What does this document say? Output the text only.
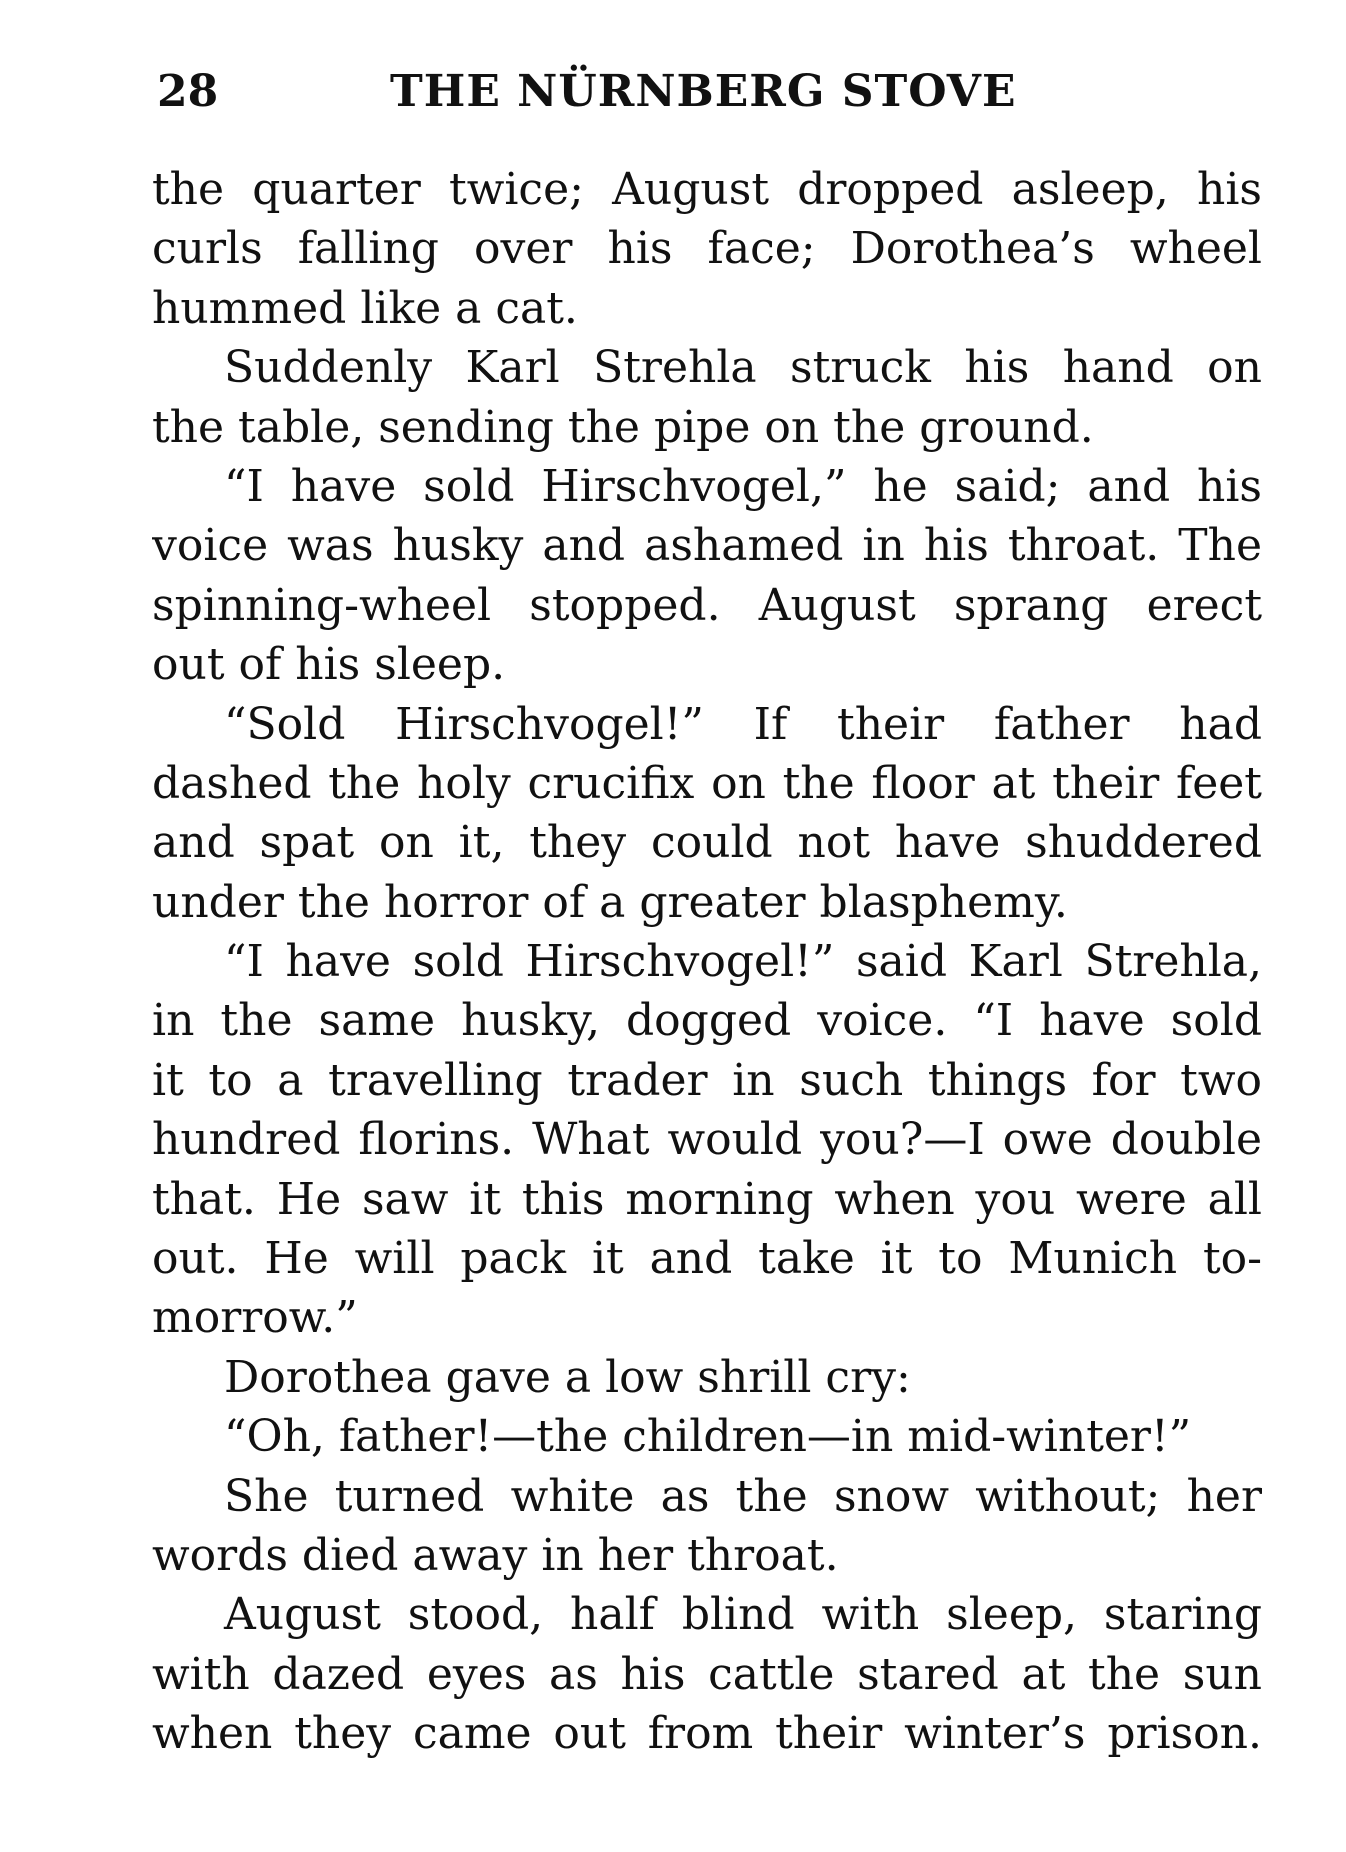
28	THE NÜRNBERG STOVE
the quarter twice; August dropped asleep, his
curls falling over his face; Dorothea’s wheel
hummed like a cat.
Suddenly Karl Strehla struck his hand on
the table, sending the pipe on the ground.
“I have sold Hirschvogel,” he said; and his
voice was husky and ashamed in his throat. The
spinning-wheel stopped. August sprang erect
out of his sleep.
“Sold Hirschvogel!” If their father had
dashed the holy crucifix on the floor at their feet
and spat on it, they could not have shuddered
under the horror of a greater blasphemy.
“I have sold Hirschvogel!” said Karl Strehla,
in the same husky, dogged voice. “I have sold
it to a travelling trader in such things for two
hundred florins. What would you?—I owe double
that. He saw it this morning when you were all
out. He will pack it and take it to Munich to-
morrow.”
Dorothea gave a low shrill cry:
“Oh, father!—the children—in mid-winter!”
She turned white as the snow without; her
words died away in her throat.
August stood, half blind with sleep, staring
with dazed eyes as his cattle stared at the sun
when they came out from their winter’s prison.
